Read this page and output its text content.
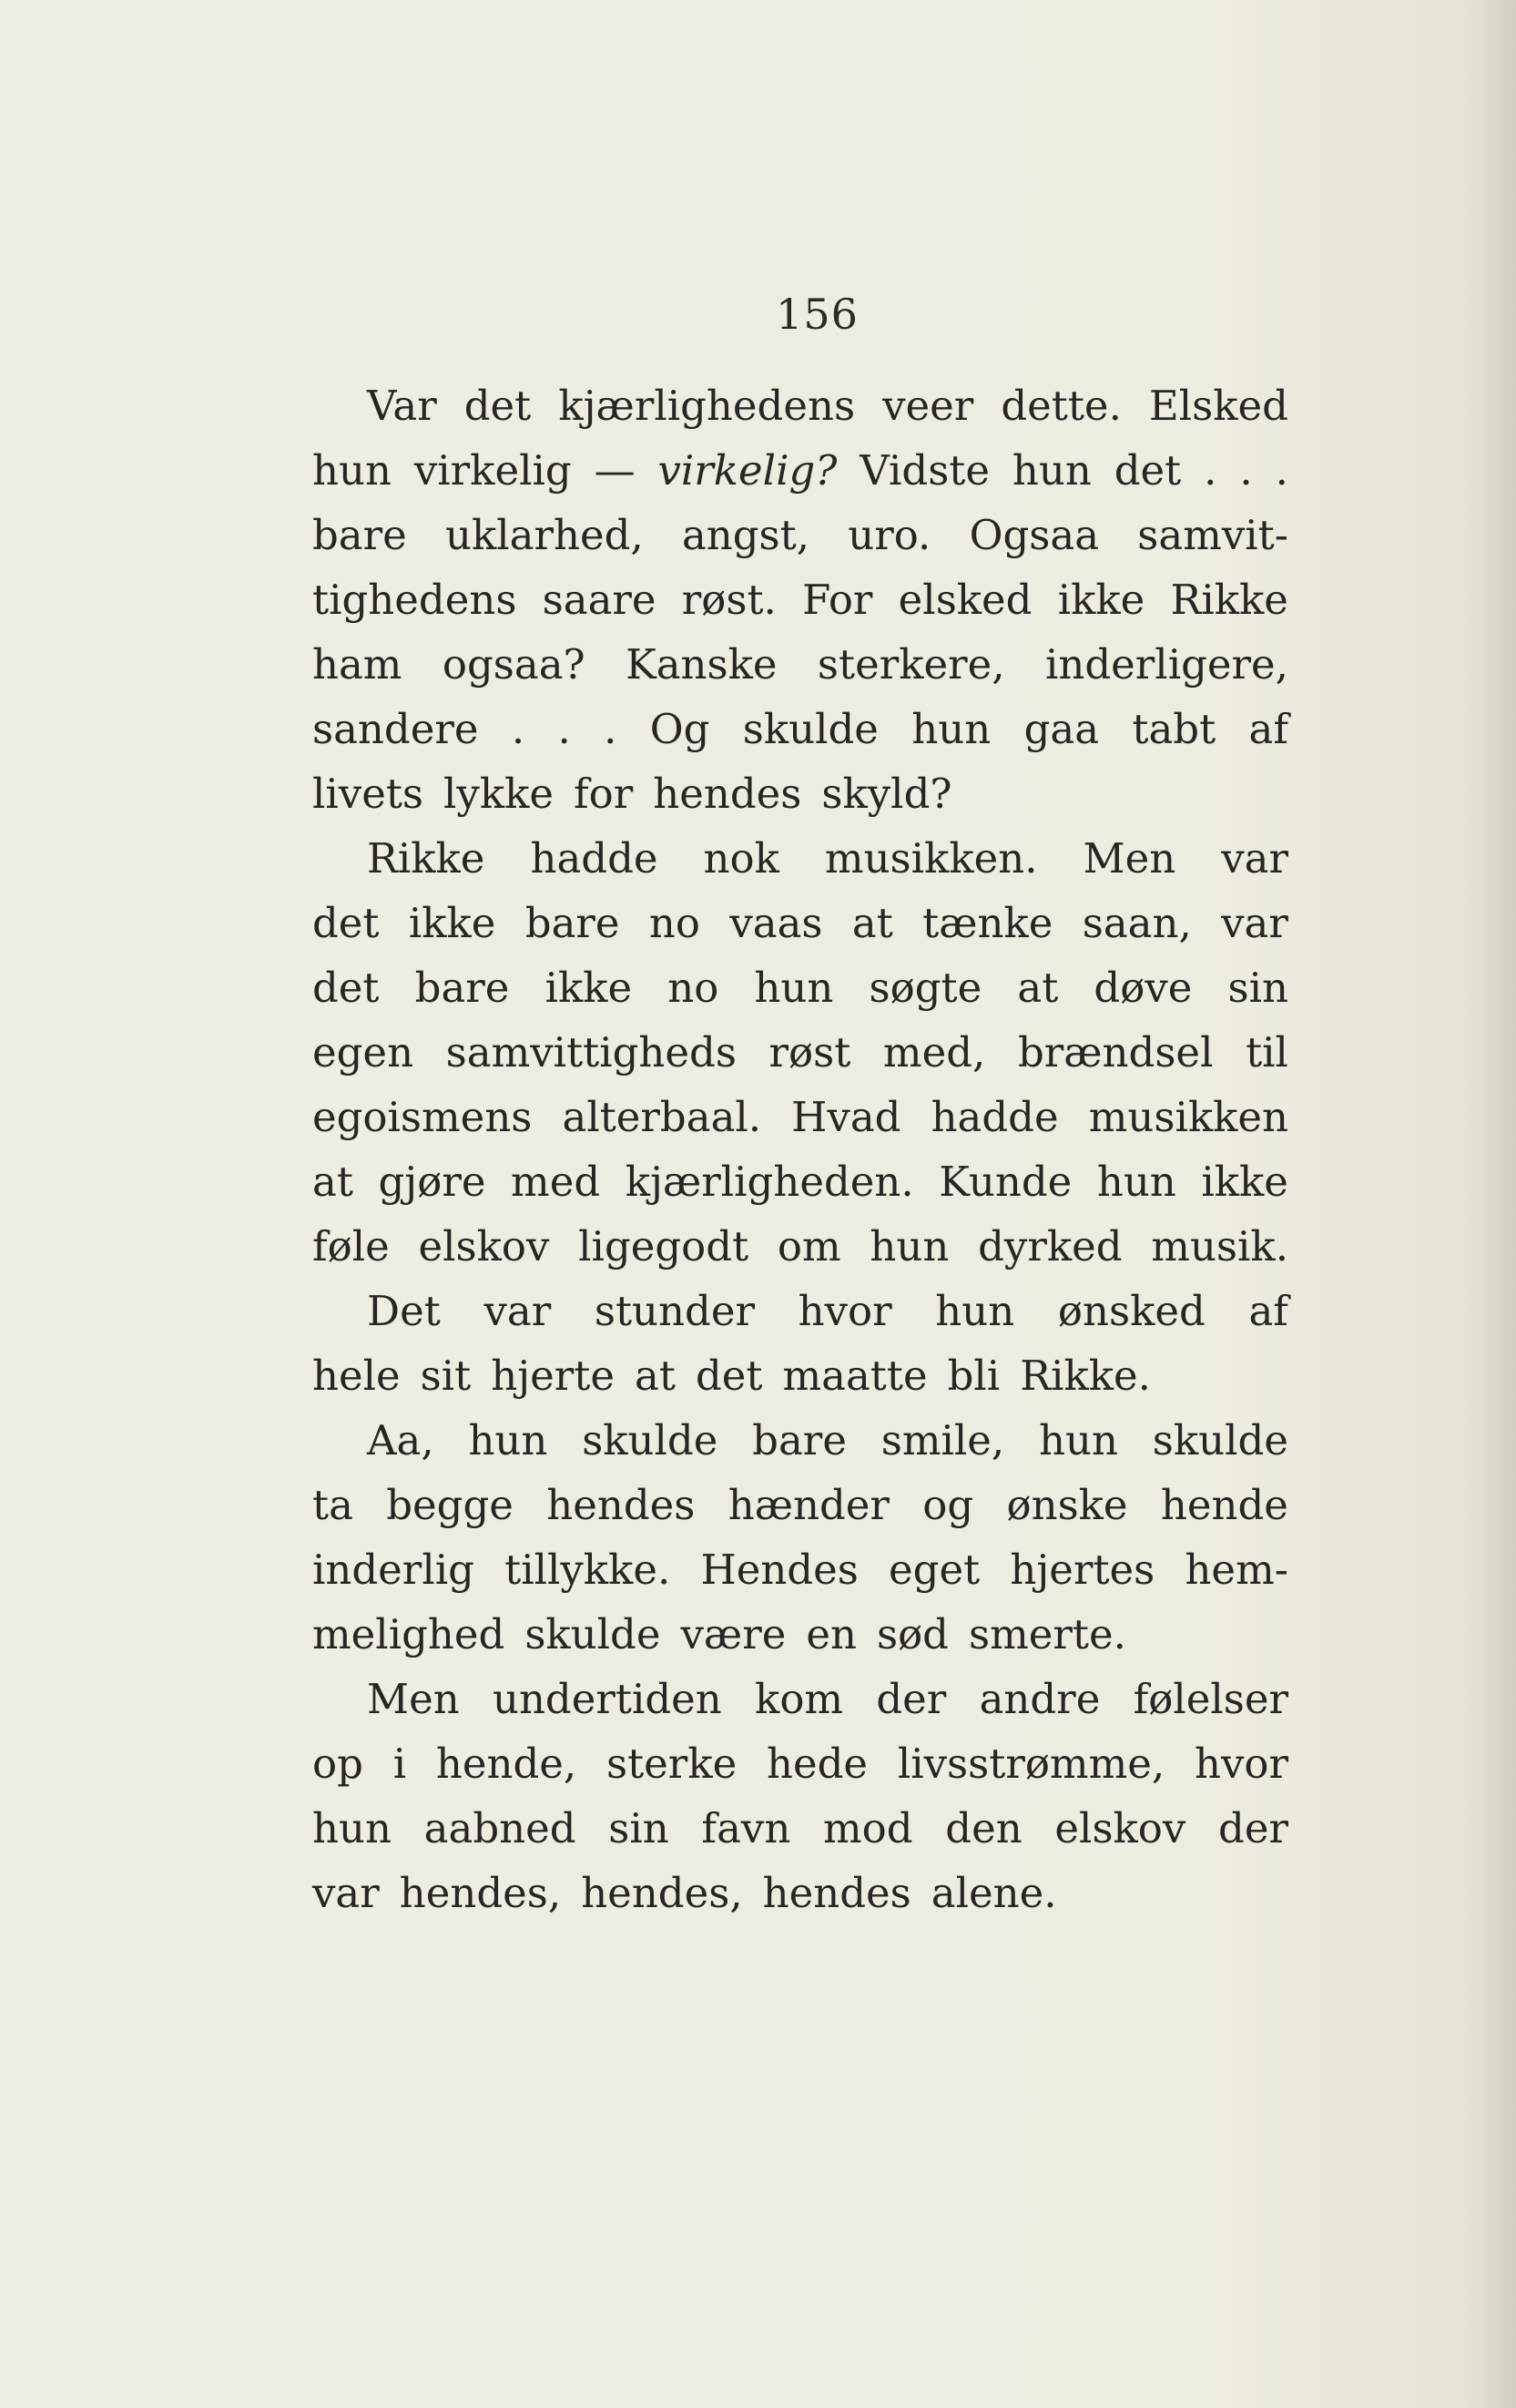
156
Var det kjærlighedens veer dette. Elsked
hun virkelig — virkelig? Vidste hun det . . .
bare uklarhed, angst, uro. Ogsaa samvit-
tighedens saare røst. For elsked ikke Rikke
ham ogsaa? Kanske sterkere, inderligere,
sandere . . . Og skulde hun gaa tabt af
livets lykke for hendes skyld?
Rikke hadde nok musikken. Men var
det ikke bare no vaas at tænke saan, var
det bare ikke no hun søgte at døve sin
egen samvittigheds røst med, brændsel til
egoismens alterbaal. Hvad hadde musikken
at gjøre med kjærligheden. Kunde hun ikke
føle elskov ligegodt om hun dyrked musik.
Det var stunder hvor hun ønsked af
hele sit hjerte at det maatte bli Rikke.
Aa, hun skulde bare smile, hun skulde
ta begge hendes hænder og ønske hende
inderlig tillykke. Hendes eget hjertes hem-
melighed skulde være en sød smerte.
Men undertiden kom der andre følelser
op i hende, sterke hede livsstrømme, hvor
hun aabned sin favn mod den elskov der
var hendes, hendes, hendes alene.
